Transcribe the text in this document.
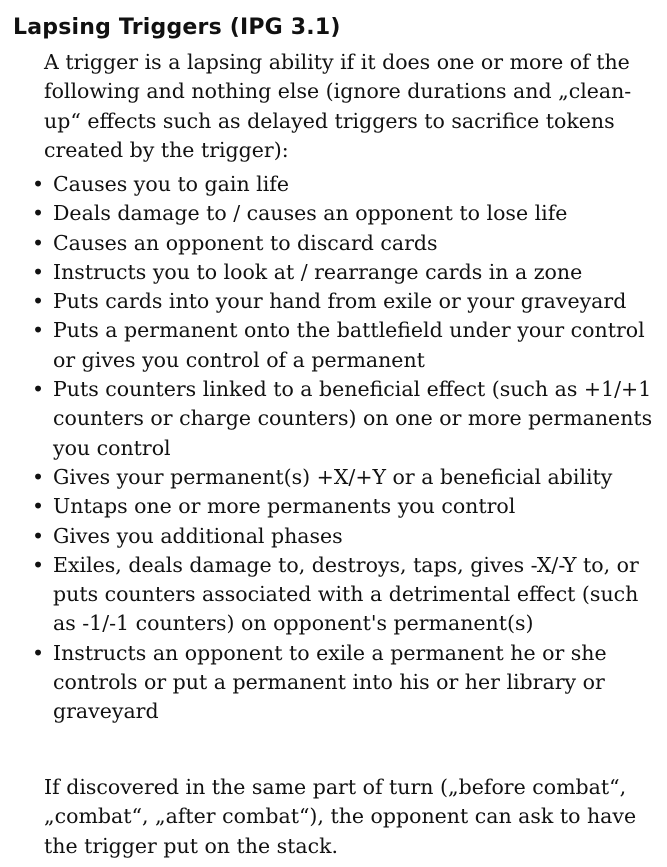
Lapsing Triggers (IPG 3.1)

A trigger is a lapsing ability if it does one or more of the following and nothing else (ignore durations and „clean-up“ effects such as delayed triggers to sacrifice tokens created by the trigger):

• Causes you to gain life
• Deals damage to / causes an opponent to lose life
• Causes an opponent to discard cards
• Instructs you to look at / rearrange cards in a zone
• Puts cards into your hand from exile or your graveyard
• Puts a permanent onto the battlefield under your control or gives you control of a permanent
• Puts counters linked to a beneficial effect (such as +1/+1 counters or charge counters) on one or more permanents you control
• Gives your permanent(s) +X/+Y or a beneficial ability
• Untaps one or more permanents you control
• Gives you additional phases
• Exiles, deals damage to, destroys, taps, gives -X/-Y to, or puts counters associated with a detrimental effect (such as -1/-1 counters) on opponent's permanent(s)
• Instructs an opponent to exile a permanent he or she controls or put a permanent into his or her library or graveyard

If discovered in the same part of turn („before combat“, „combat“, „after combat“), the opponent can ask to have the trigger put on the stack.
